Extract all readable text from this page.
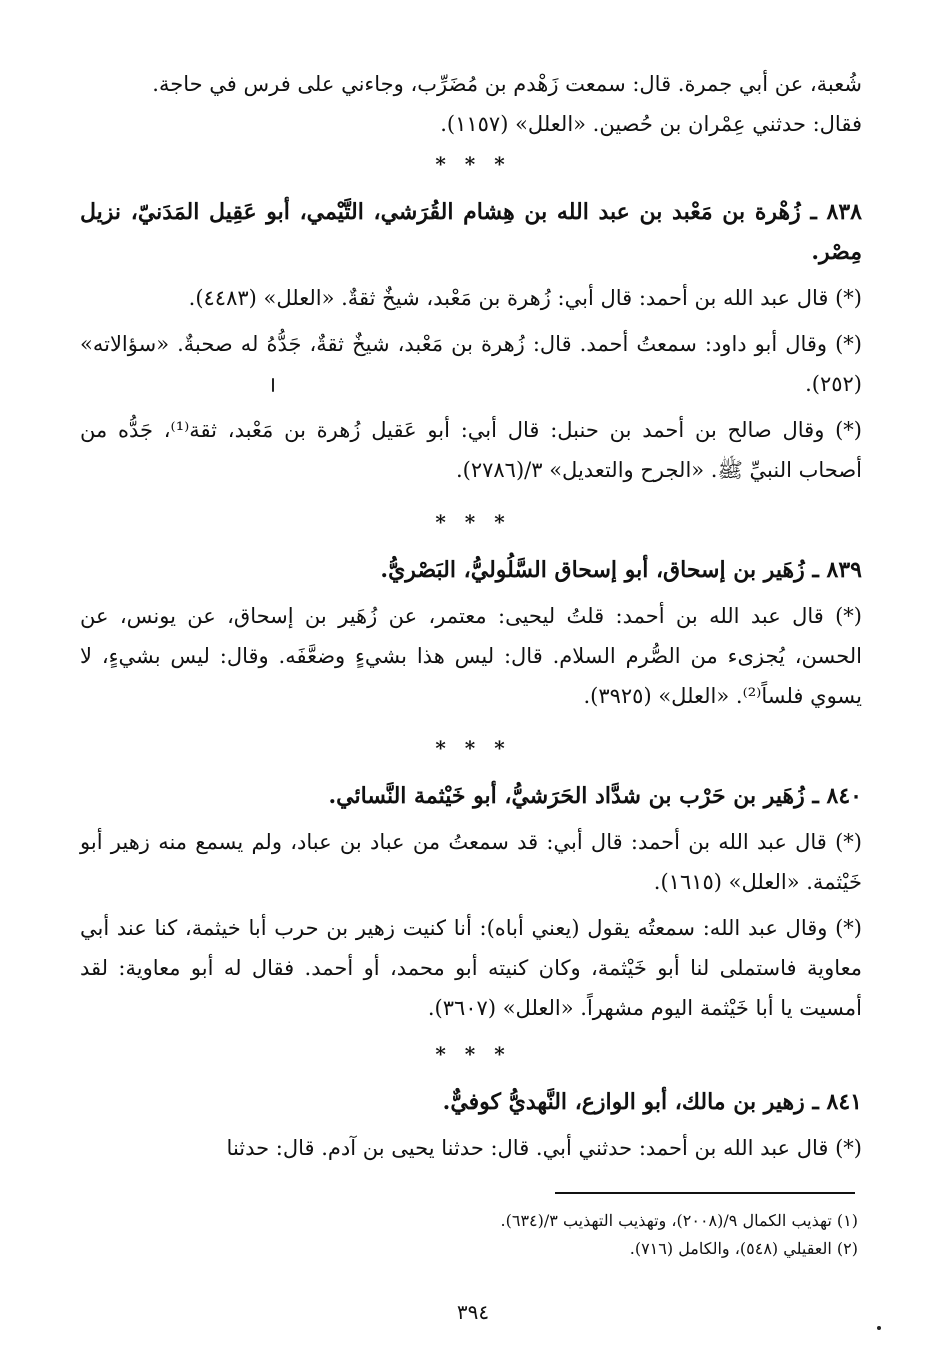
شُعبة، عن أبي جمرة. قال: سمعت زَهْدم بن مُضَرِّب، وجاءني على فرس في حاجة.

فقال: حدثني عِمْران بن حُصين. «العلل» (١١٥٧).

* * *

٨٣٨ ـ زُهْرة بن مَعْبد بن عبد الله بن هِشام القُرَشي، التَّيْمي، أبو عَقِيل المَدَنيّ، نزيل مِصْر.

(*) قال عبد الله بن أحمد: قال أبي: زُهرة بن مَعْبد، شيخٌ ثقةٌ. «العلل» (٤٤٨٣).

(*) وقال أبو داود: سمعتُ أحمد. قال: زُهرة بن مَعْبد، شيخٌ ثقةٌ، جَدُّهُ له صحبةٌ. «سؤالاته» (٢٥٢).

(*) وقال صالح بن أحمد بن حنبل: قال أبي: أبو عَقيل زُهرة بن مَعْبد، ثقة⁽¹⁾، جَدُّه من أصحاب النبيِّ ﷺ. «الجرح والتعديل» ٣/(٢٧٨٦).

* * *

٨٣٩ ـ زُهَير بن إسحاق، أبو إسحاق السَّلُوليُّ، البَصْريُّ.

(*) قال عبد الله بن أحمد: قلتُ ليحيى: معتمر، عن زُهَير بن إسحاق، عن يونس، عن الحسن، يُجزىء من الصُّرم السلام. قال: ليس هذا بشيءٍ وضعَّفَه. وقال: ليس بشيءٍ، لا يسوي فلساً⁽²⁾. «العلل» (٣٩٢٥).

* * *

٨٤٠ ـ زُهَير بن حَرْب بن شدَّاد الحَرَشيُّ، أبو خَيْثمة النَّسائي.

(*) قال عبد الله بن أحمد: قال أبي: قد سمعتُ من عباد بن عباد، ولم يسمع منه زهير أبو خَيْثمة. «العلل» (١٦١٥).

(*) وقال عبد الله: سمعتُه يقول (يعني أباه): أنا كنيت زهير بن حرب أبا خيثمة، كنا عند أبي معاوية فاستملى لنا أبو خَيْثمة، وكان كنيته أبو محمد، أو أحمد. فقال له أبو معاوية: لقد أمسيت يا أبا خَيْثمة اليوم مشهراً. «العلل» (٣٦٠٧).

* * *

٨٤١ ـ زهير بن مالك، أبو الوازع، النَّهديُّ كوفيٌّ.

(*) قال عبد الله بن أحمد: حدثني أبي. قال: حدثنا يحيى بن آدم. قال: حدثنا

(١) تهذيب الكمال ٩/(٢٠٠٨)، وتهذيب التهذيب ٣/(٦٣٤).
(٢) العقيلي (٥٤٨)، والكامل (٧١٦).
٣٩٤
